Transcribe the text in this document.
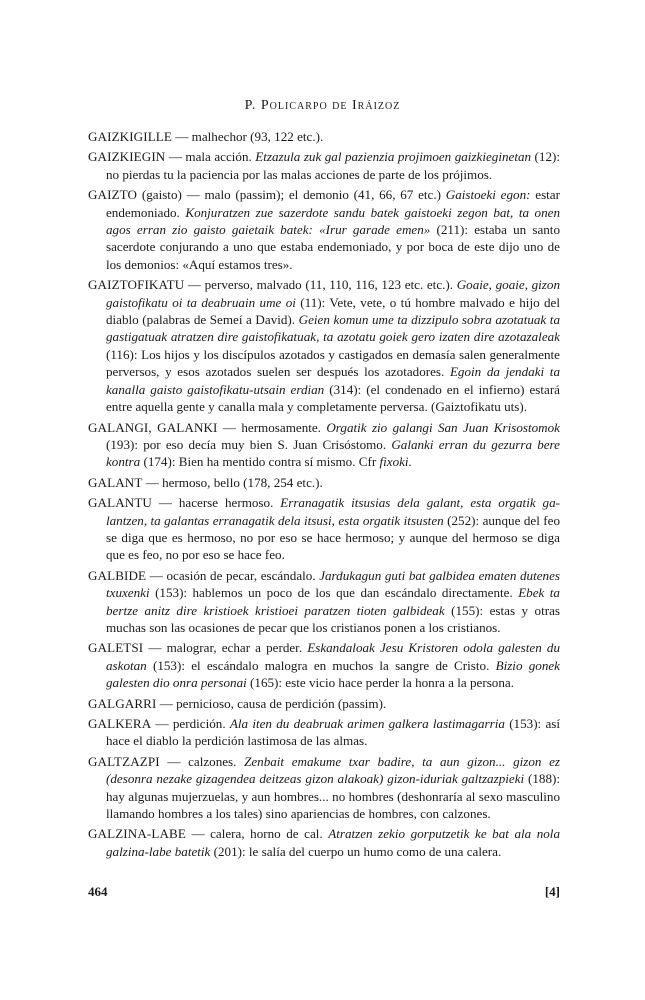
P. Policarpo de Iráizoz

GAIZKIGILLE — malhechor (93, 122 etc.).

GAIZKIEGIN — mala acción. Etzazula zuk gal pazienzia projimoen gaizkieginetan (12): no pierdas tu la paciencia por las malas acciones de parte de los prójimos.

GAIZTO (gaisto) — malo (passim); el demonio (41, 66, 67 etc.) Gaistoeki egon: estar endemoniado. Konjuratzen zue sazerdote sandu batek gaistoeki zegon bat, ta onen agos erran zio gaisto gaietaik batek: «Irur garade emen» (211): estaba un santo sacerdote conjurando a uno que estaba endemoniado, y por boca de este dijo uno de los demonios: «Aquí estamos tres».

GAIZTOFIKATU — perverso, malvado (11, 110, 116, 123 etc. etc.). Goaie, goaie, gizon gaistofikatu oi ta deabruain ume oi (11): Vete, vete, o tú hombre malvado e hijo del diablo (palabras de Semeí a David). Geien komun ume ta dizzipulo sobra azotatuak ta gastigatuak atratzen dire gaistofikatuak, ta azotatu goiek gero izaten dire azotazaleak (116): Los hijos y los discípulos azotados y castigados en demasía salen generalmente perversos, y esos azotados suelen ser después los azotadores. Egoin da jendaki ta kanalla gaisto gaistofikatu-utsain erdian (314): (el condenado en el infierno) estará entre aquella gente y canalla mala y completamente perversa. (Gaiztofikatu uts).

GALANGI, GALANKI — hermosamente. Orgatik zio galangi San Juan Krisostomok (193): por eso decía muy bien S. Juan Crisóstomo. Galanki erran du gezurra bere kontra (174): Bien ha mentido contra sí mismo. Cfr fixoki.

GALANT — hermoso, bello (178, 254 etc.).

GALANTU — hacerse hermoso. Erranagatik itsusias dela galant, esta orgatik galantzen, ta galantas erranagatik dela itsusi, esta orgatik itsusten (252): aunque del feo se diga que es hermoso, no por eso se hace hermoso; y aunque del hermoso se diga que es feo, no por eso se hace feo.

GALBIDE — ocasión de pecar, escándalo. Jardukagun guti bat galbidea ematen dutenes txuxenki (153): hablemos un poco de los que dan escándalo directamente. Ebek ta bertze anitz dire kristioek kristioei paratzen tioten galbideak (155): estas y otras muchas son las ocasiones de pecar que los cristianos ponen a los cristianos.

GALETSI — malograr, echar a perder. Eskandaloak Jesu Kristoren odola galesten du askotan (153): el escándalo malogra en muchos la sangre de Cristo. Bizio gonek galesten dio onra personai (165): este vicio hace perder la honra a la persona.

GALGARRI — pernicioso, causa de perdición (passim).

GALKERA — perdición. Ala iten du deabruak arimen galkera lastimagarria (153): así hace el diablo la perdición lastimosa de las almas.

GALTZAZPI — calzones. Zenbait emakume txar badire, ta aun gizon... gizon ez (desonra nezake gizagendea deitzeas gizon alakoak) gizon-iduriak galtzazpieki (188): hay algunas mujerzuelas, y aun hombres... no hombres (deshonraría al sexo masculino llamando hombres a los tales) sino apariencias de hombres, con calzones.

GALZINA-LABE — calera, horno de cal. Atratzen zekio gorputzetik ke bat ala nola galzina-labe batetik (201): le salía del cuerpo un humo como de una calera.

464	[4]
